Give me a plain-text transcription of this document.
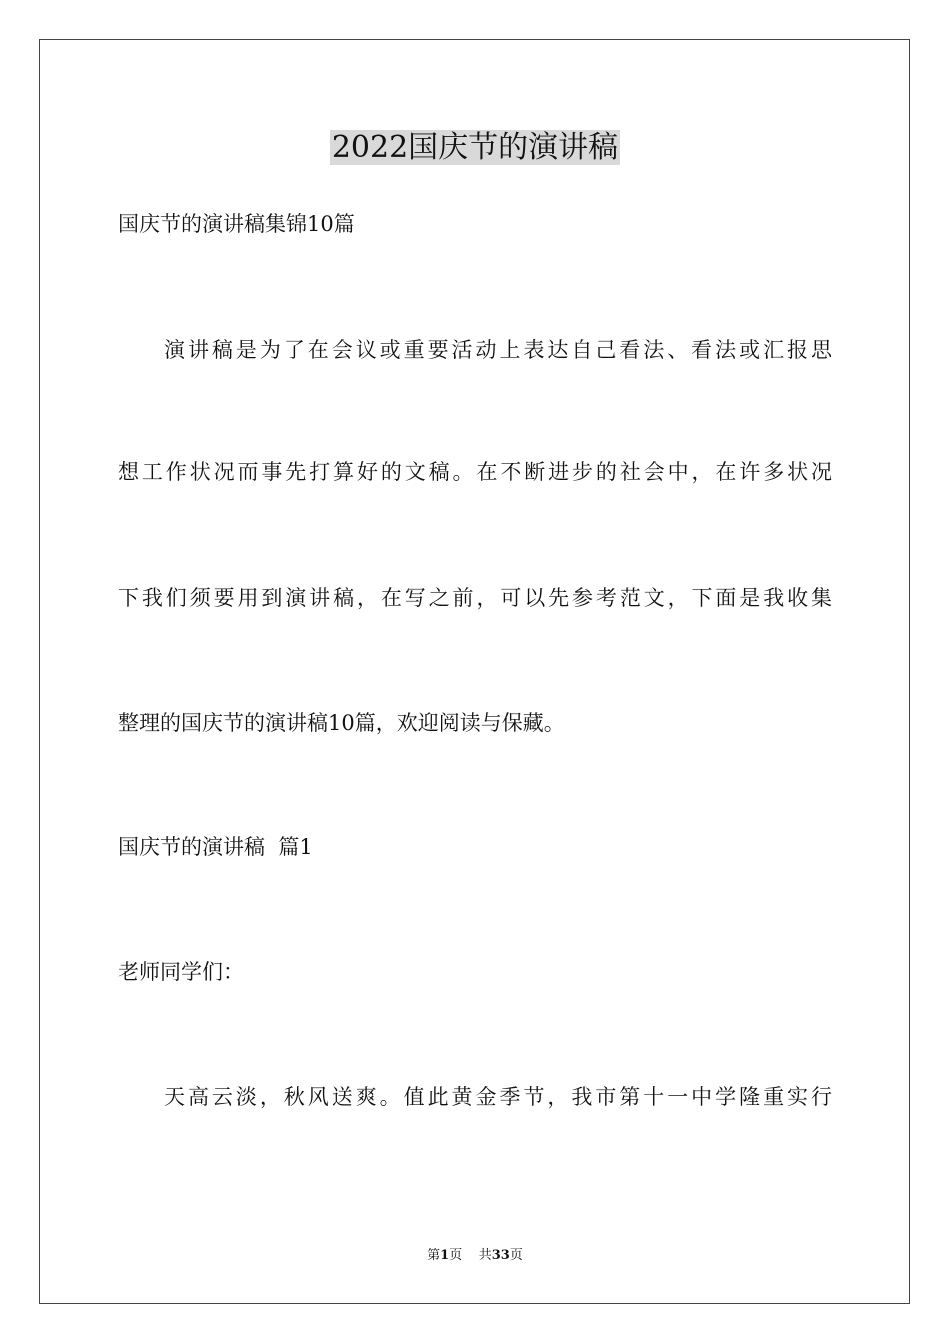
2022国庆节的演讲稿
国庆节的演讲稿集锦10篇
演讲稿是为了在会议或重要活动上表达自己看法、看法或汇报思
想工作状况而事先打算好的文稿。在不断进步的社会中，在许多状况
下我们须要用到演讲稿，在写之前，可以先参考范文，下面是我收集
整理的国庆节的演讲稿10篇，欢迎阅读与保藏。
国庆节的演讲稿  篇1
老师同学们：
天高云淡，秋风送爽。值此黄金季节，我市第十一中学隆重实行
第1页 共33页
